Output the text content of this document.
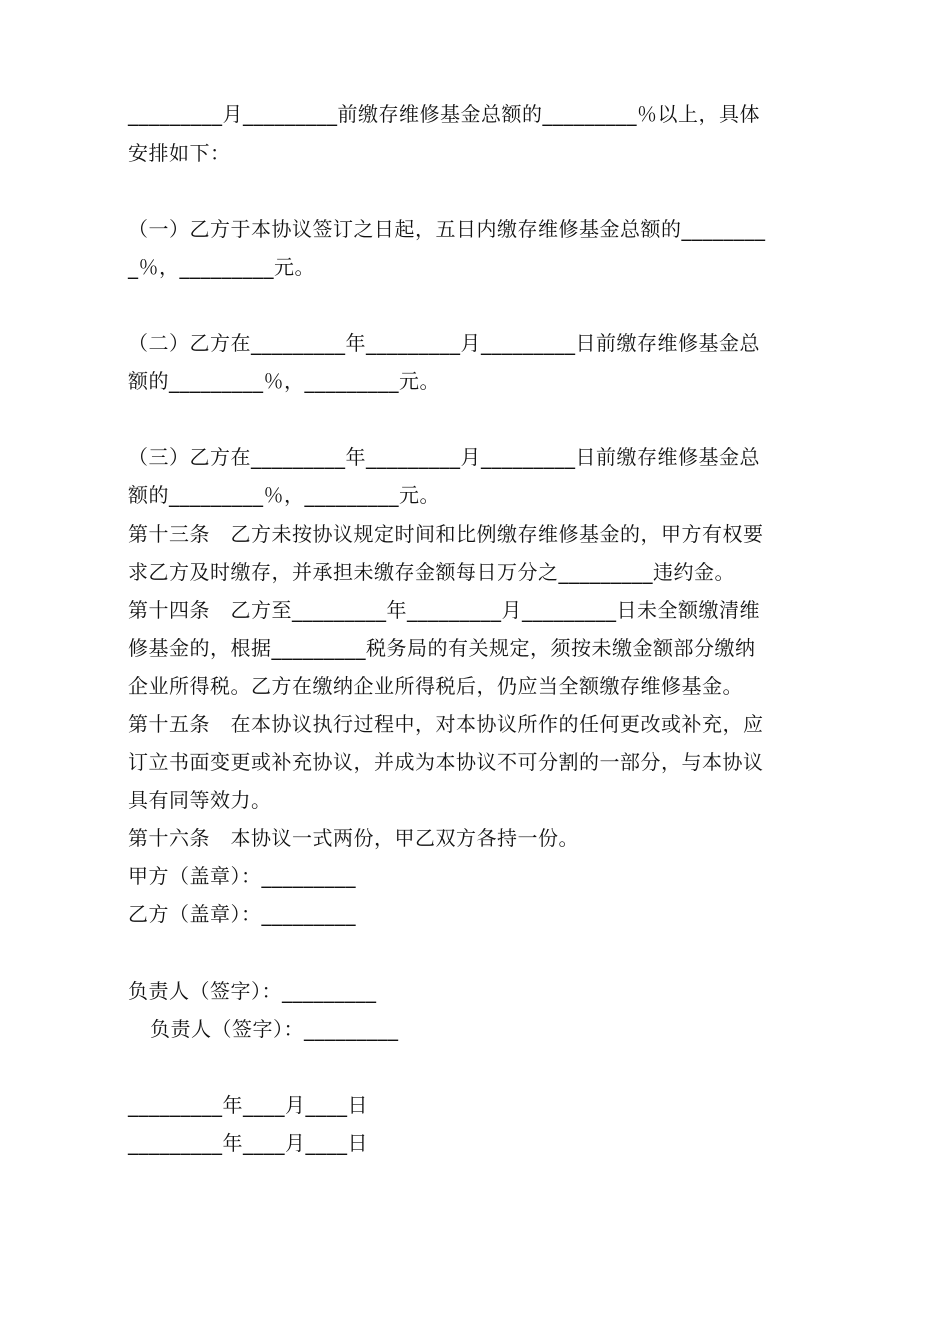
_________月_________前缴存维修基金总额的_________％以上，具体
安排如下：
（一）乙方于本协议签订之日起，五日内缴存维修基金总额的________
_％，_________元。
（二）乙方在_________年_________月_________日前缴存维修基金总
额的_________％，_________元。
（三）乙方在_________年_________月_________日前缴存维修基金总
额的_________％，_________元。
第十三条　乙方未按协议规定时间和比例缴存维修基金的，甲方有权要
求乙方及时缴存，并承担未缴存金额每日万分之_________违约金。
第十四条　乙方至_________年_________月_________日未全额缴清维
修基金的，根据_________税务局的有关规定，须按未缴金额部分缴纳
企业所得税。乙方在缴纳企业所得税后，仍应当全额缴存维修基金。
第十五条　在本协议执行过程中，对本协议所作的任何更改或补充，应
订立书面变更或补充协议，并成为本协议不可分割的一部分，与本协议
具有同等效力。
第十六条　本协议一式两份，甲乙双方各持一份。
甲方（盖章）：_________
乙方（盖章）：_________
负责人（签字）：_________
负责人（签字）：_________
_________年____月____日
_________年____月____日
